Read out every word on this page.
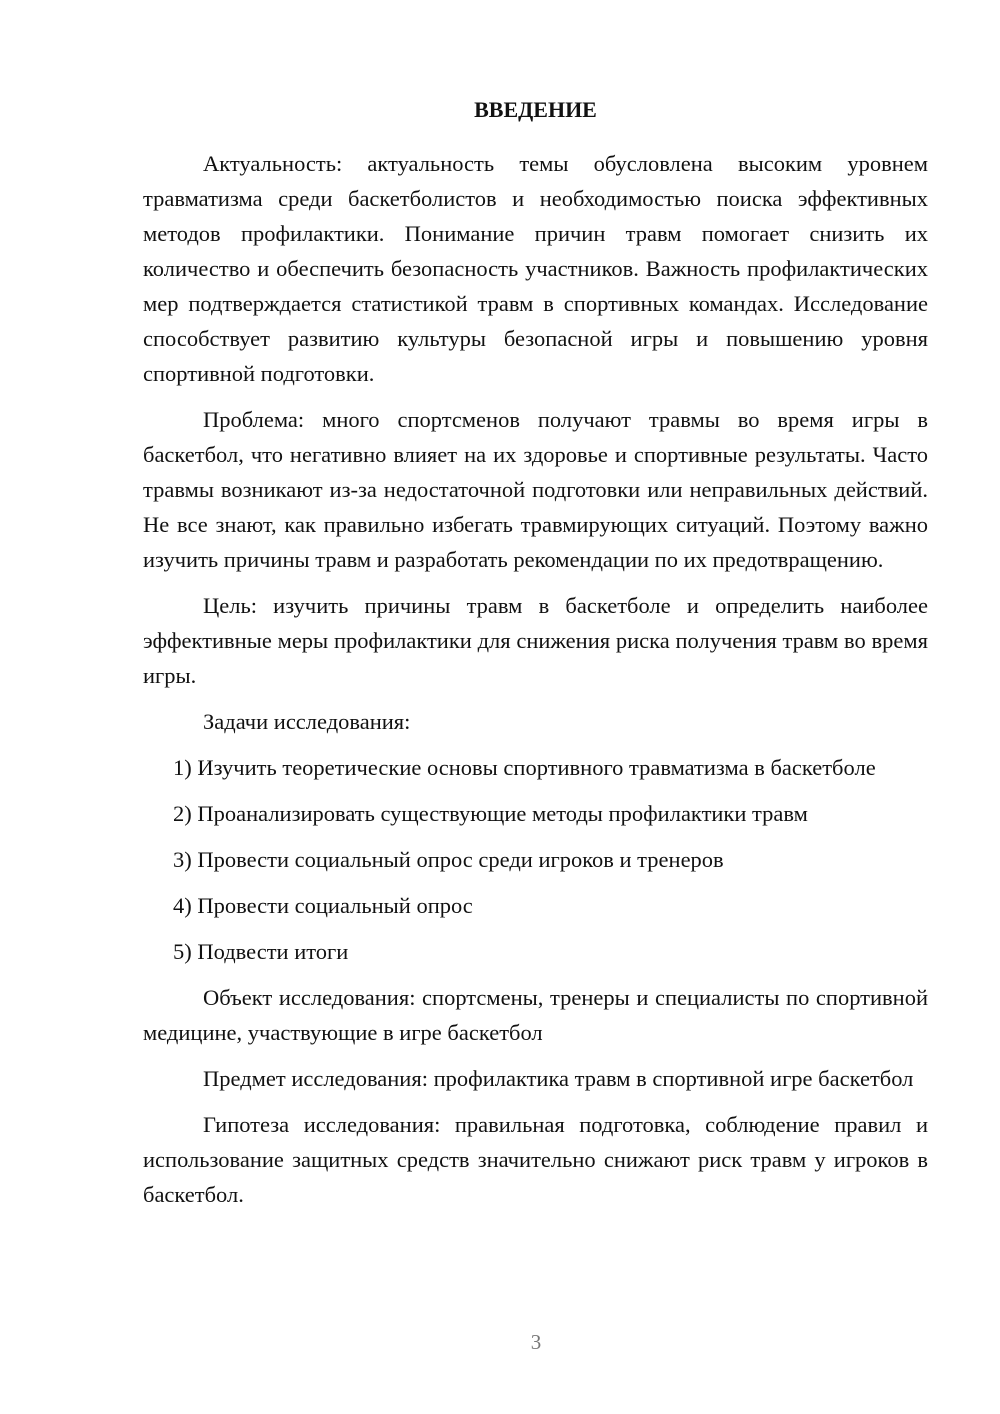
ВВЕДЕНИЕ

Актуальность: актуальность темы обусловлена высоким уровнем травматизма среди баскетболистов и необходимостью поиска эффективных методов профилактики. Понимание причин травм помогает снизить их количество и обеспечить безопасность участников. Важность профилактических мер подтверждается статистикой травм в спортивных командах. Исследование способствует развитию культуры безопасной игры и повышению уровня спортивной подготовки.

Проблема: много спортсменов получают травмы во время игры в баскетбол, что негативно влияет на их здоровье и спортивные результаты. Часто травмы возникают из-за недостаточной подготовки или неправильных действий. Не все знают, как правильно избегать травмирующих ситуаций. Поэтому важно изучить причины травм и разработать рекомендации по их предотвращению.

Цель: изучить причины травм в баскетболе и определить наиболее эффективные меры профилактики для снижения риска получения травм во время игры.

Задачи исследования:

1) Изучить теоретические основы спортивного травматизма в баскетболе

2) Проанализировать существующие методы профилактики травм

3) Провести социальный опрос среди игроков и тренеров

4) Провести социальный опрос

5) Подвести итоги

Объект исследования: спортсмены, тренеры и специалисты по спортивной медицине, участвующие в игре баскетбол

Предмет исследования: профилактика травм в спортивной игре баскетбол

Гипотеза исследования: правильная подготовка, соблюдение правил и использование защитных средств значительно снижают риск травм у игроков в баскетбол.

3
